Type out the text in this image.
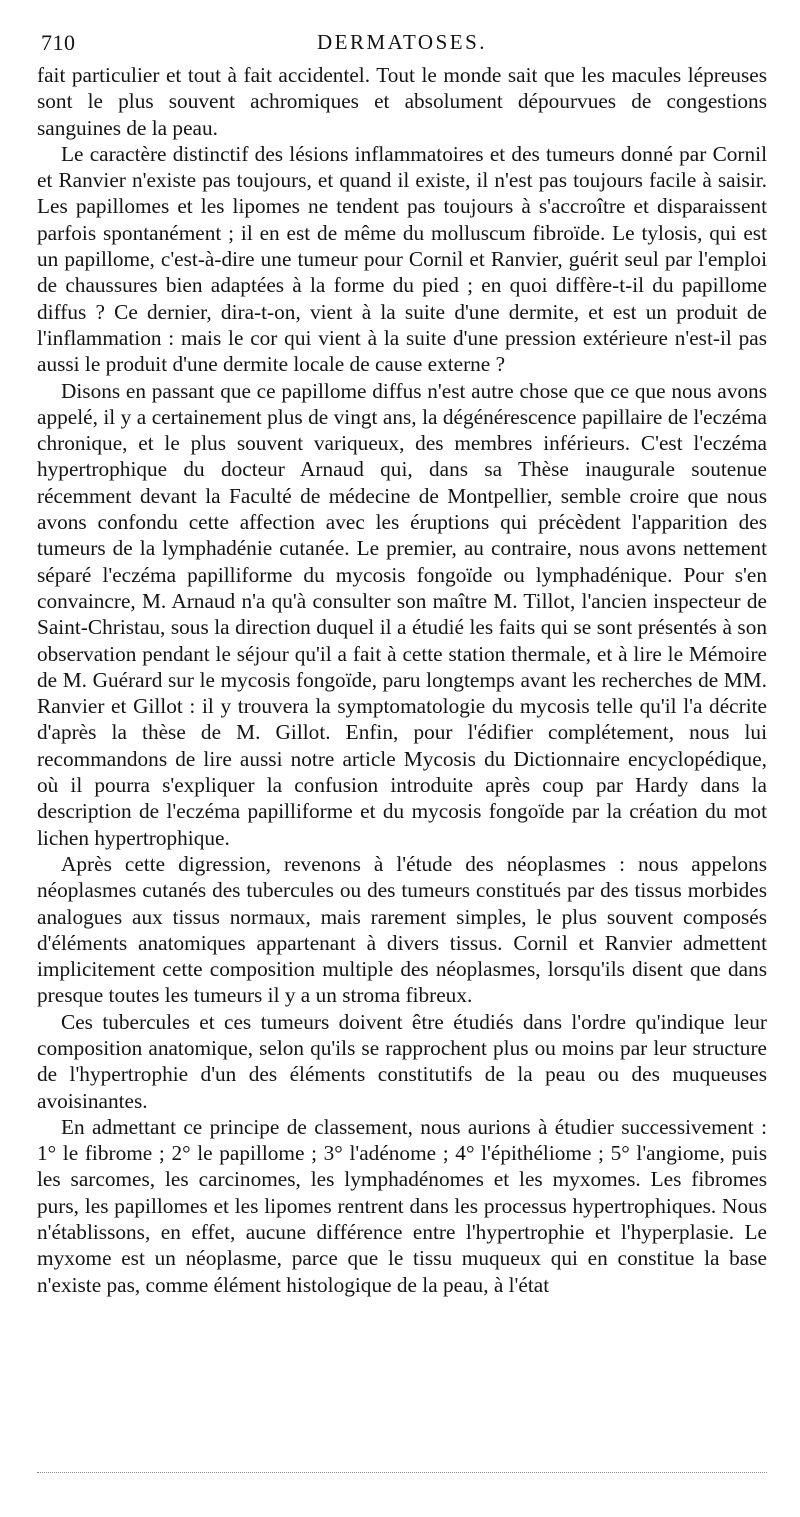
710	DERMATOSES.

fait particulier et tout à fait accidentel. Tout le monde sait que les macules lépreuses sont le plus souvent achromiques et absolument dépourvues de congestions sanguines de la peau.

Le caractère distinctif des lésions inflammatoires et des tumeurs donné par Cornil et Ranvier n'existe pas toujours, et quand il existe, il n'est pas toujours facile à saisir. Les papillomes et les lipomes ne tendent pas toujours à s'accroître et disparaissent parfois spontanément ; il en est de même du molluscum fibroïde. Le tylosis, qui est un papillome, c'est-à-dire une tumeur pour Cornil et Ranvier, guérit seul par l'emploi de chaussures bien adaptées à la forme du pied ; en quoi diffère-t-il du papillome diffus ? Ce dernier, dira-t-on, vient à la suite d'une dermite, et est un produit de l'inflammation : mais le cor qui vient à la suite d'une pression extérieure n'est-il pas aussi le produit d'une dermite locale de cause externe ?

Disons en passant que ce papillome diffus n'est autre chose que ce que nous avons appelé, il y a certainement plus de vingt ans, la dégénérescence papillaire de l'eczéma chronique, et le plus souvent variqueux, des membres inférieurs. C'est l'eczéma hypertrophique du docteur Arnaud qui, dans sa Thèse inaugurale soutenue récemment devant la Faculté de médecine de Montpellier, semble croire que nous avons confondu cette affection avec les éruptions qui précèdent l'apparition des tumeurs de la lymphadénie cutanée. Le premier, au contraire, nous avons nettement séparé l'eczéma papilliforme du mycosis fongoïde ou lymphadénique. Pour s'en convaincre, M. Arnaud n'a qu'à consulter son maître M. Tillot, l'ancien inspecteur de Saint-Christau, sous la direction duquel il a étudié les faits qui se sont présentés à son observation pendant le séjour qu'il a fait à cette station thermale, et à lire le Mémoire de M. Guérard sur le mycosis fongoïde, paru longtemps avant les recherches de MM. Ranvier et Gillot : il y trouvera la symptomatologie du mycosis telle qu'il l'a décrite d'après la thèse de M. Gillot. Enfin, pour l'édifier complétement, nous lui recommandons de lire aussi notre article Mycosis du Dictionnaire encyclopédique, où il pourra s'expliquer la confusion introduite après coup par Hardy dans la description de l'eczéma papilliforme et du mycosis fongoïde par la création du mot lichen hypertrophique.

Après cette digression, revenons à l'étude des néoplasmes : nous appelons néoplasmes cutanés des tubercules ou des tumeurs constitués par des tissus morbides analogues aux tissus normaux, mais rarement simples, le plus souvent composés d'éléments anatomiques appartenant à divers tissus. Cornil et Ranvier admettent implicitement cette composition multiple des néoplasmes, lorsqu'ils disent que dans presque toutes les tumeurs il y a un stroma fibreux.

Ces tubercules et ces tumeurs doivent être étudiés dans l'ordre qu'indique leur composition anatomique, selon qu'ils se rapprochent plus ou moins par leur structure de l'hypertrophie d'un des éléments constitutifs de la peau ou des muqueuses avoisinantes.

En admettant ce principe de classement, nous aurions à étudier successivement : 1° le fibrome ; 2° le papillome ; 3° l'adénome ; 4° l'épithéliome ; 5° l'angiome, puis les sarcomes, les carcinomes, les lymphadénomes et les myxomes. Les fibromes purs, les papillomes et les lipomes rentrent dans les processus hypertrophiques. Nous n'établissons, en effet, aucune différence entre l'hypertrophie et l'hyperplasie. Le myxome est un néoplasme, parce que le tissu muqueux qui en constitue la base n'existe pas, comme élément histologique de la peau, à l'état
